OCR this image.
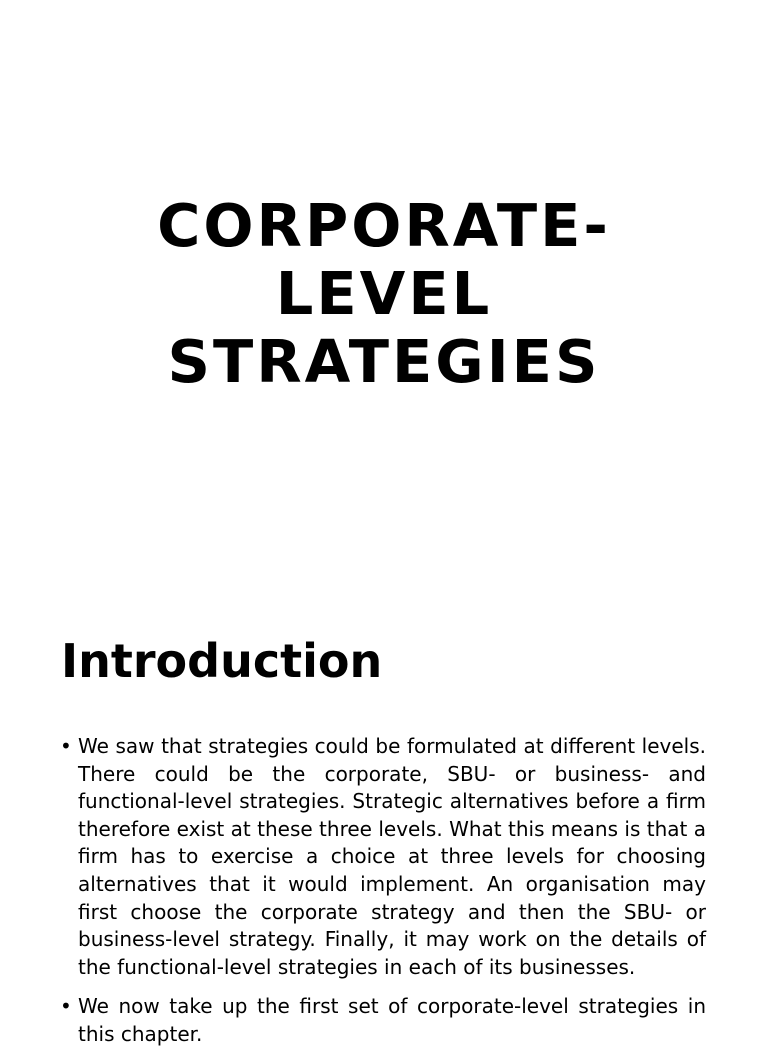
CORPORATE-
LEVEL
STRATEGIES
Introduction
• We saw that strategies could be formulated at different levels. There could be the corporate, SBU- or business- and functional-level strategies. Strategic alternatives before a firm therefore exist at these three levels. What this means is that a firm has to exercise a choice at three levels for choosing alternatives that it would implement. An organisation may first choose the corporate strategy and then the SBU- or business-level strategy. Finally, it may work on the details of the functional-level strategies in each of its businesses.
• We now take up the first set of corporate-level strategies in this chapter.
